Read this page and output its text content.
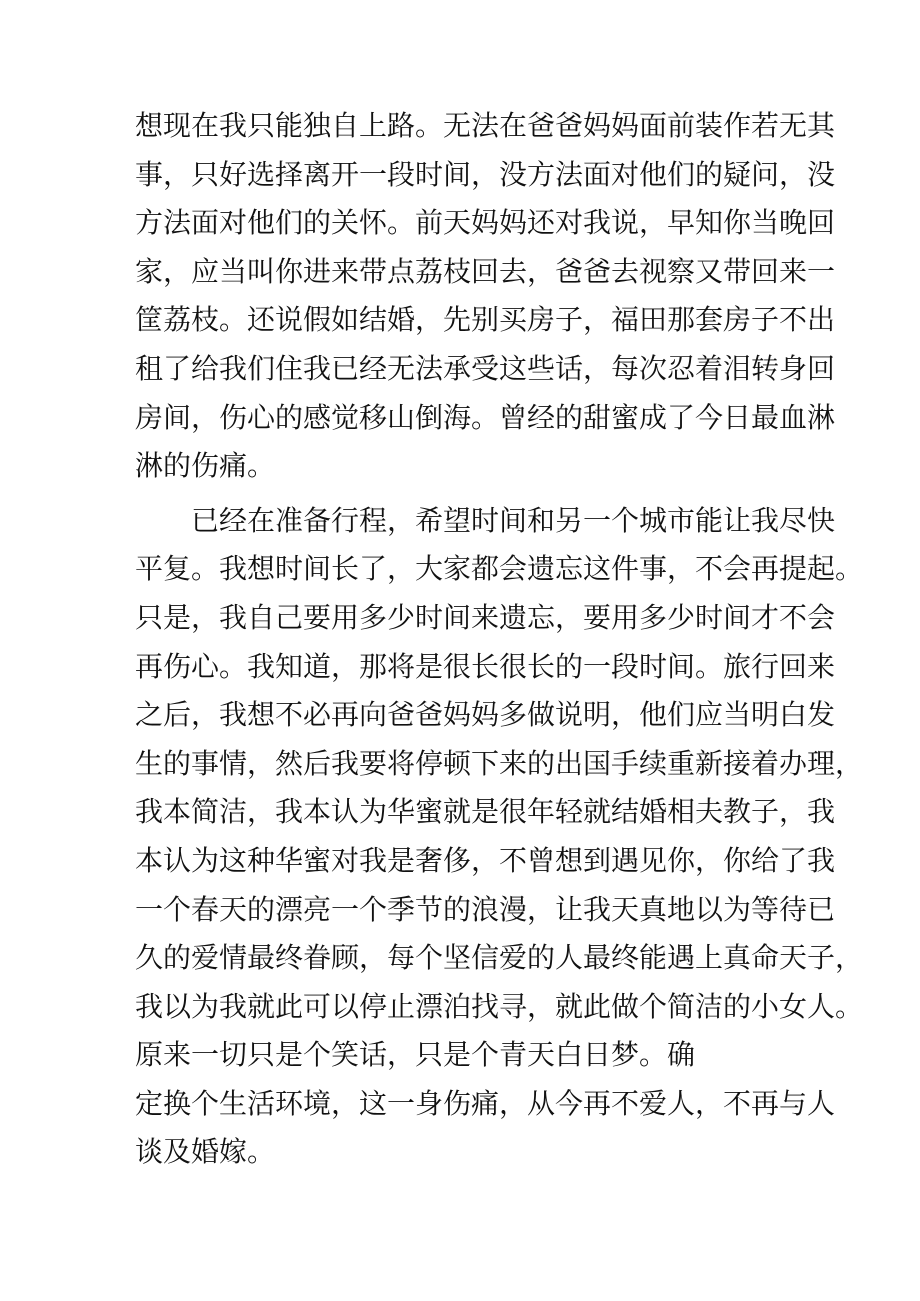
想现在我只能独自上路。无法在爸爸妈妈面前装作若无其
事，只好选择离开一段时间，没方法面对他们的疑问，没
方法面对他们的关怀。前天妈妈还对我说，早知你当晚回
家，应当叫你进来带点荔枝回去，爸爸去视察又带回来一
筐荔枝。还说假如结婚，先别买房子，福田那套房子不出
租了给我们住我已经无法承受这些话，每次忍着泪转身回
房间，伤心的感觉移山倒海。曾经的甜蜜成了今日最血淋
淋的伤痛。
已经在准备行程，希望时间和另一个城市能让我尽快
平复。我想时间长了，大家都会遗忘这件事，不会再提起。
只是，我自己要用多少时间来遗忘，要用多少时间才不会
再伤心。我知道，那将是很长很长的一段时间。旅行回来
之后，我想不必再向爸爸妈妈多做说明，他们应当明白发
生的事情，然后我要将停顿下来的出国手续重新接着办理，
我本简洁，我本认为华蜜就是很年轻就结婚相夫教子，我
本认为这种华蜜对我是奢侈，不曾想到遇见你，你给了我
一个春天的漂亮一个季节的浪漫，让我天真地以为等待已
久的爱情最终眷顾，每个坚信爱的人最终能遇上真命天子，
我以为我就此可以停止漂泊找寻，就此做个简洁的小女人。
原来一切只是个笑话，只是个青天白日梦。确
定换个生活环境，这一身伤痛，从今再不爱人，不再与人
谈及婚嫁。
